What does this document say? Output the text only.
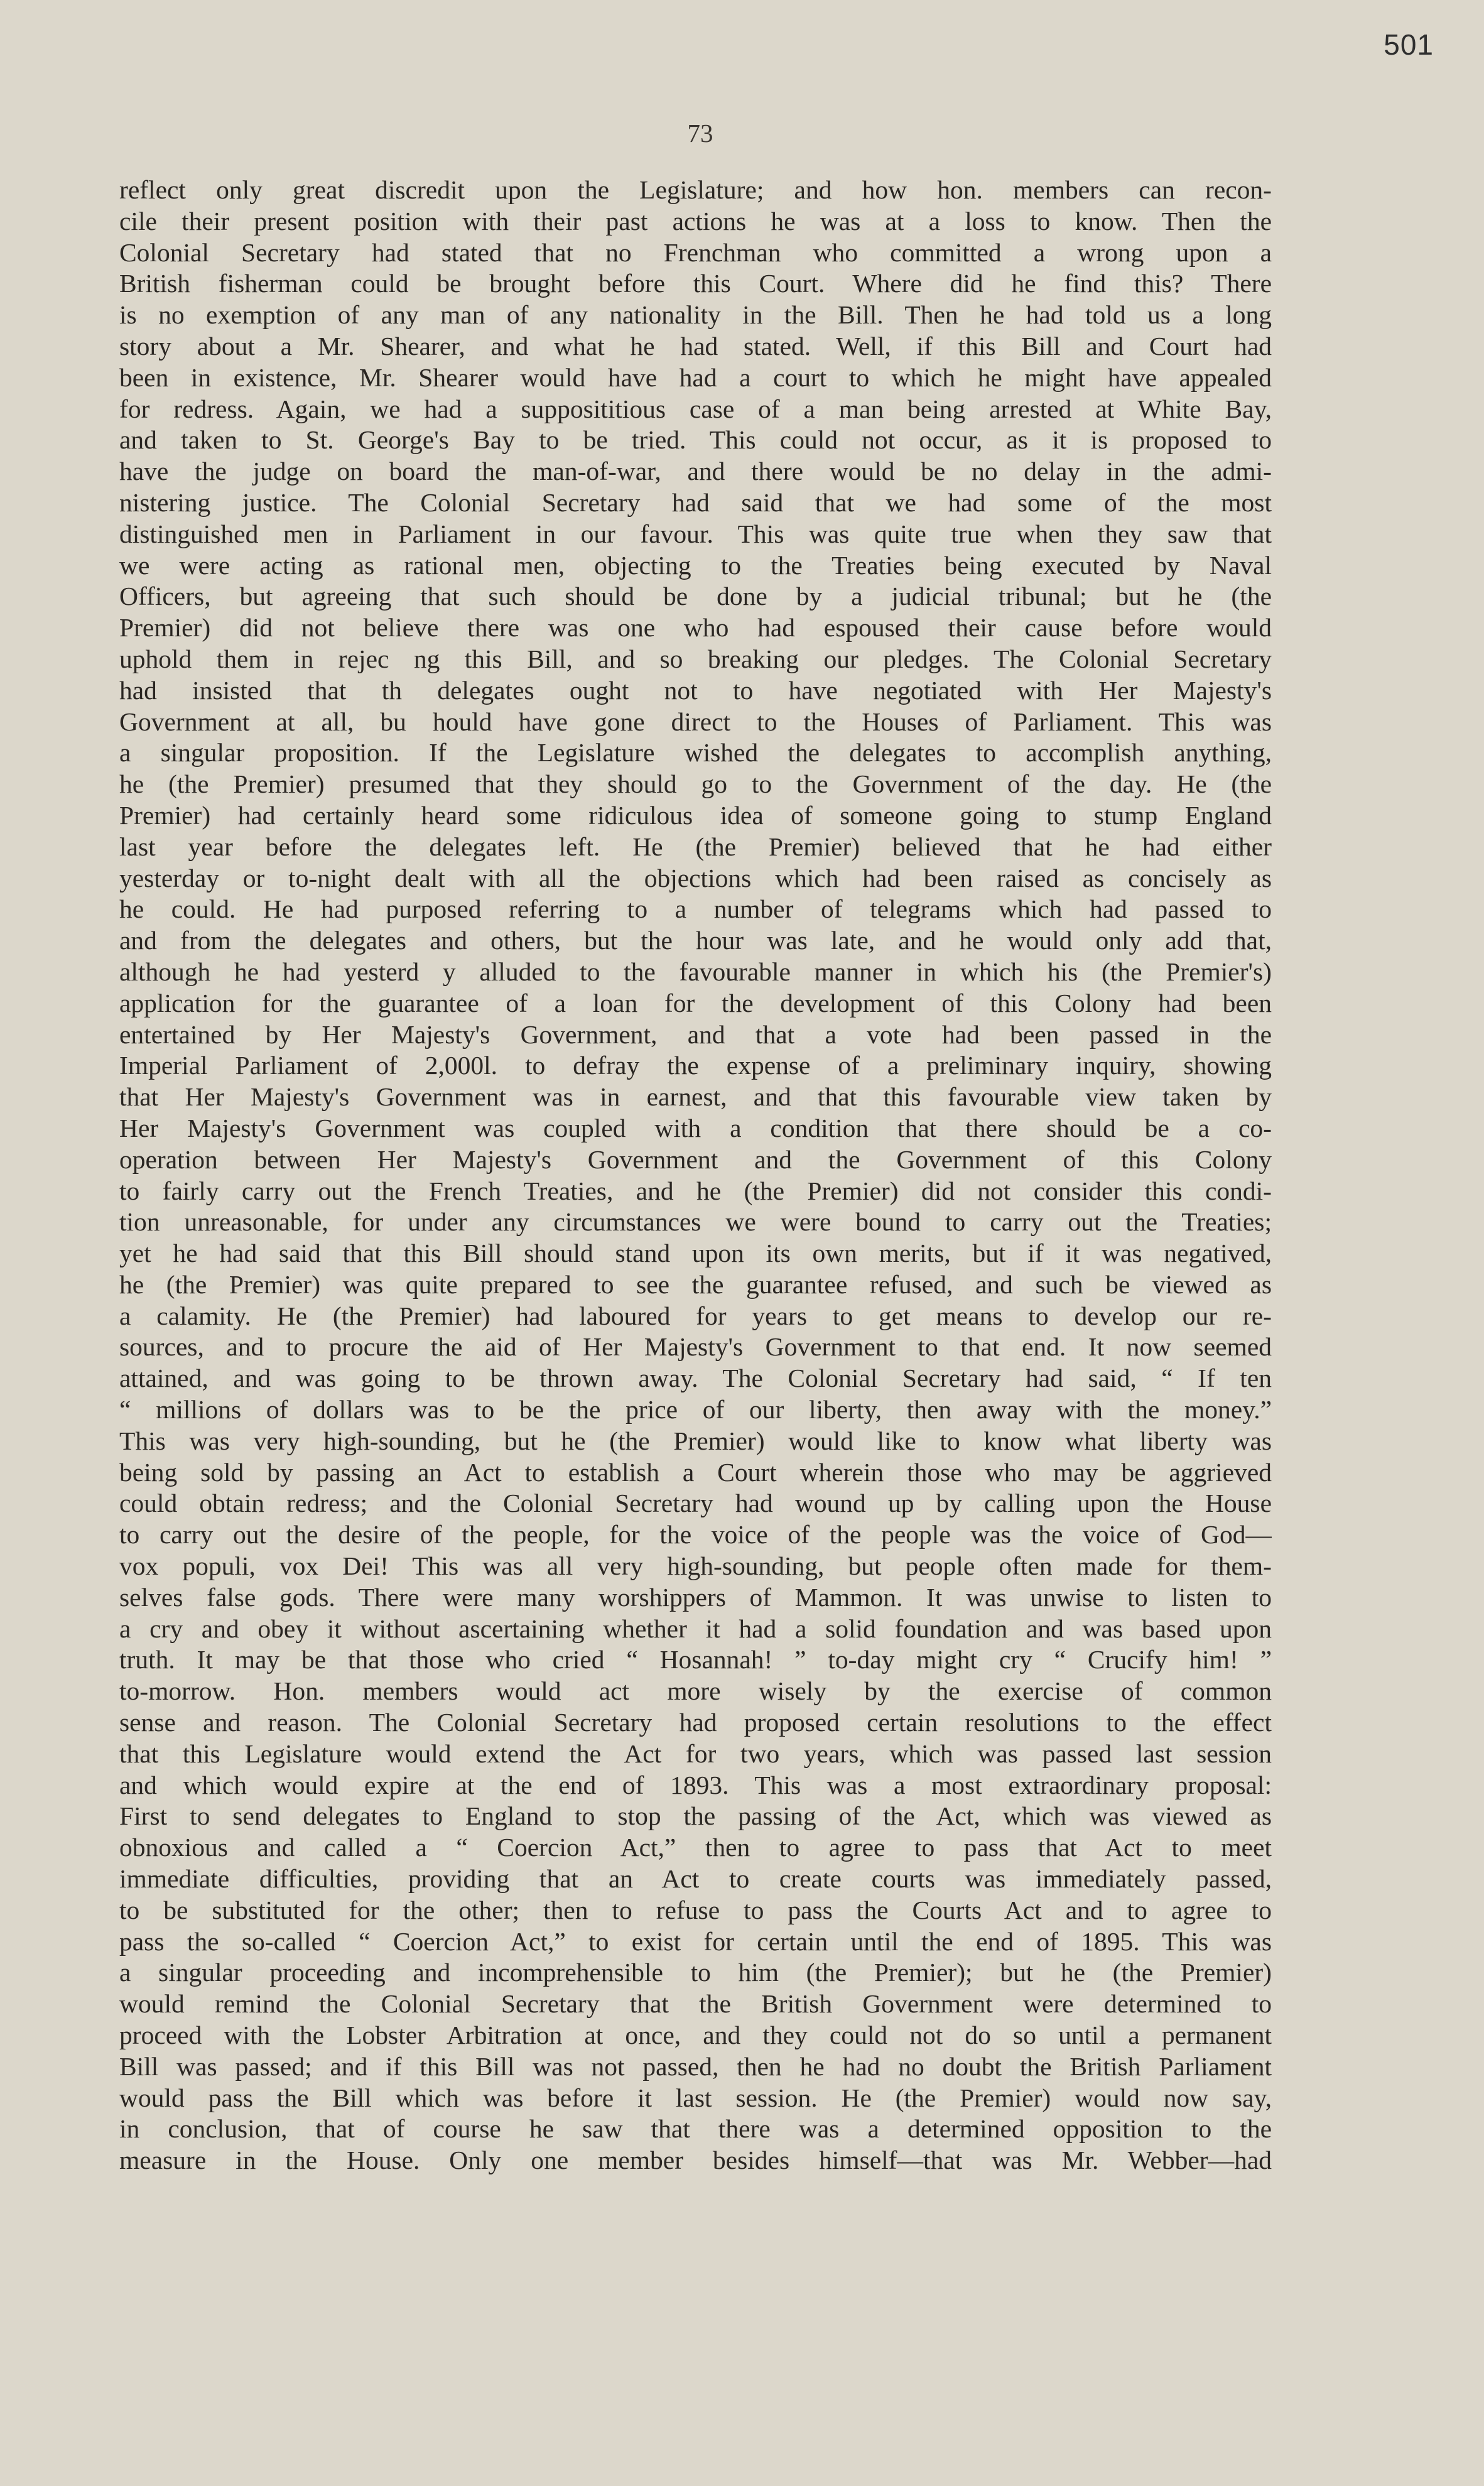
501
73
reflect only great discredit upon the Legislature; and how hon. members can recon-
cile their present position with their past actions he was at a loss to know. Then the
Colonial Secretary had stated that no Frenchman who committed a wrong upon a
British fisherman could be brought before this Court. Where did he find this? There
is no exemption of any man of any nationality in the Bill. Then he had told us a long
story about a Mr. Shearer, and what he had stated. Well, if this Bill and Court had
been in existence, Mr. Shearer would have had a court to which he might have appealed
for redress. Again, we had a supposititious case of a man being arrested at White Bay,
and taken to St. George's Bay to be tried. This could not occur, as it is proposed to
have the judge on board the man-of-war, and there would be no delay in the admi-
nistering justice. The Colonial Secretary had said that we had some of the most
distinguished men in Parliament in our favour. This was quite true when they saw that
we were acting as rational men, objecting to the Treaties being executed by Naval
Officers, but agreeing that such should be done by a judicial tribunal; but he (the
Premier) did not believe there was one who had espoused their cause before would
uphold them in rejec ng this Bill, and so breaking our pledges. The Colonial Secretary
had insisted that th delegates ought not to have negotiated with Her Majesty's
Government at all, bu hould have gone direct to the Houses of Parliament. This was
a singular proposition. If the Legislature wished the delegates to accomplish anything,
he (the Premier) presumed that they should go to the Government of the day. He (the
Premier) had certainly heard some ridiculous idea of someone going to stump England
last year before the delegates left. He (the Premier) believed that he had either
yesterday or to-night dealt with all the objections which had been raised as concisely as
he could. He had purposed referring to a number of telegrams which had passed to
and from the delegates and others, but the hour was late, and he would only add that,
although he had yesterd y alluded to the favourable manner in which his (the Premier's)
application for the guarantee of a loan for the development of this Colony had been
entertained by Her Majesty's Government, and that a vote had been passed in the
Imperial Parliament of 2,000l. to defray the expense of a preliminary inquiry, showing
that Her Majesty's Government was in earnest, and that this favourable view taken by
Her Majesty's Government was coupled with a condition that there should be a co-
operation between Her Majesty's Government and the Government of this Colony
to fairly carry out the French Treaties, and he (the Premier) did not consider this condi-
tion unreasonable, for under any circumstances we were bound to carry out the Treaties;
yet he had said that this Bill should stand upon its own merits, but if it was negatived,
he (the Premier) was quite prepared to see the guarantee refused, and such be viewed as
a calamity. He (the Premier) had laboured for years to get means to develop our re-
sources, and to procure the aid of Her Majesty's Government to that end. It now seemed
attained, and was going to be thrown away. The Colonial Secretary had said, “ If ten
“ millions of dollars was to be the price of our liberty, then away with the money.”
This was very high-sounding, but he (the Premier) would like to know what liberty was
being sold by passing an Act to establish a Court wherein those who may be aggrieved
could obtain redress; and the Colonial Secretary had wound up by calling upon the House
to carry out the desire of the people, for the voice of the people was the voice of God—
vox populi, vox Dei! This was all very high-sounding, but people often made for them-
selves false gods. There were many worshippers of Mammon. It was unwise to listen to
a cry and obey it without ascertaining whether it had a solid foundation and was based upon
truth. It may be that those who cried “ Hosannah! ” to-day might cry “ Crucify him! ”
to-morrow. Hon. members would act more wisely by the exercise of common
sense and reason. The Colonial Secretary had proposed certain resolutions to the effect
that this Legislature would extend the Act for two years, which was passed last session
and which would expire at the end of 1893. This was a most extraordinary proposal:
First to send delegates to England to stop the passing of the Act, which was viewed as
obnoxious and called a “ Coercion Act,” then to agree to pass that Act to meet
immediate difficulties, providing that an Act to create courts was immediately passed,
to be substituted for the other; then to refuse to pass the Courts Act and to agree to
pass the so-called “ Coercion Act,” to exist for certain until the end of 1895. This was
a singular proceeding and incomprehensible to him (the Premier); but he (the Premier)
would remind the Colonial Secretary that the British Government were determined to
proceed with the Lobster Arbitration at once, and they could not do so until a permanent
Bill was passed; and if this Bill was not passed, then he had no doubt the British Parliament
would pass the Bill which was before it last session. He (the Premier) would now say,
in conclusion, that of course he saw that there was a determined opposition to the
measure in the House. Only one member besides himself—that was Mr. Webber—had
